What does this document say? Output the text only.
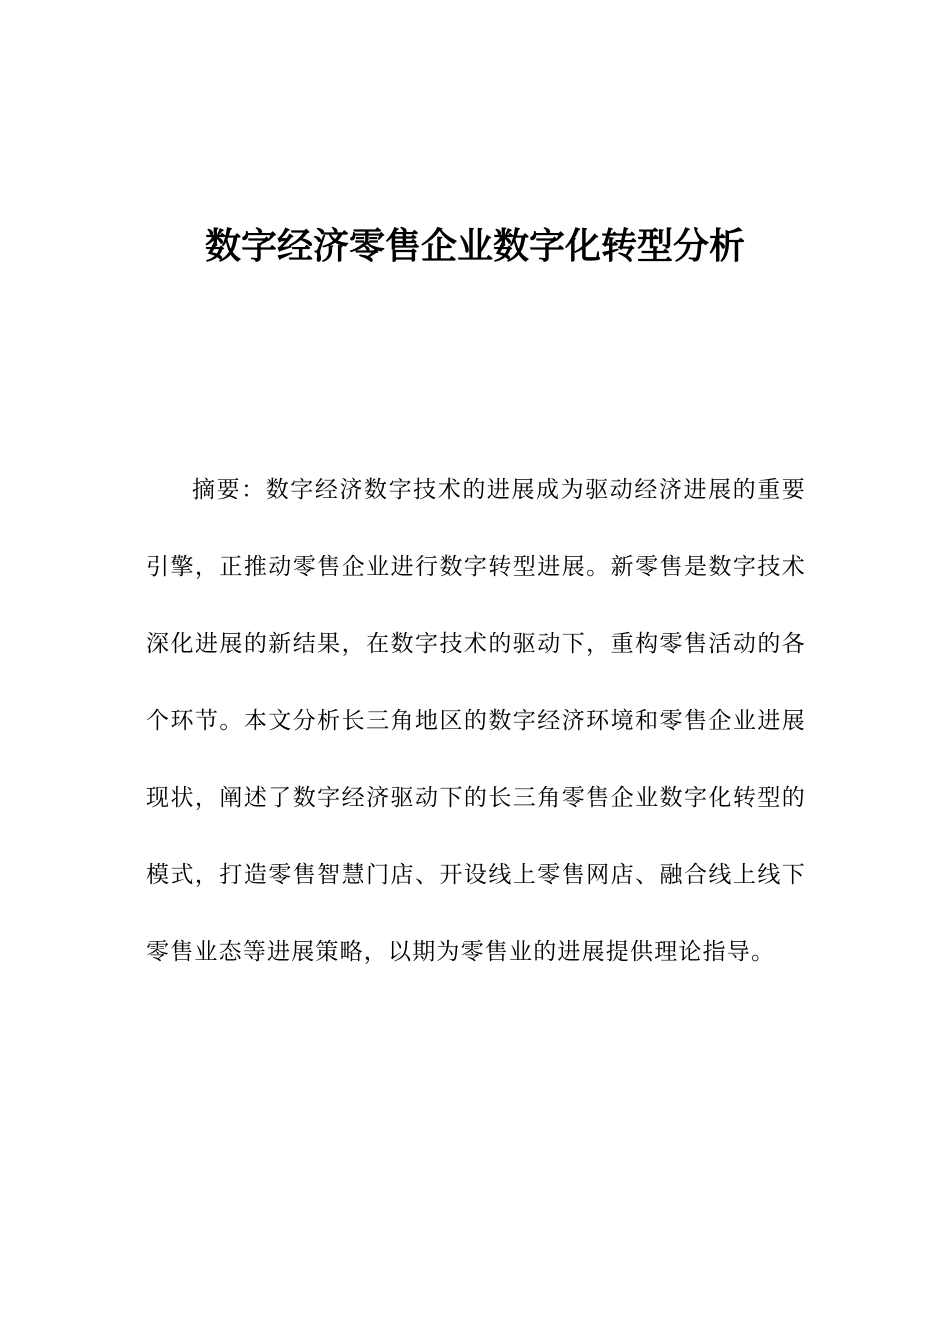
数字经济零售企业数字化转型分析

摘要：数字经济数字技术的进展成为驱动经济进展的重要引擎，正推动零售企业进行数字转型进展。新零售是数字技术深化进展的新结果，在数字技术的驱动下，重构零售活动的各个环节。本文分析长三角地区的数字经济环境和零售企业进展现状，阐述了数字经济驱动下的长三角零售企业数字化转型的模式，打造零售智慧门店、开设线上零售网店、融合线上线下零售业态等进展策略，以期为零售业的进展提供理论指导。
